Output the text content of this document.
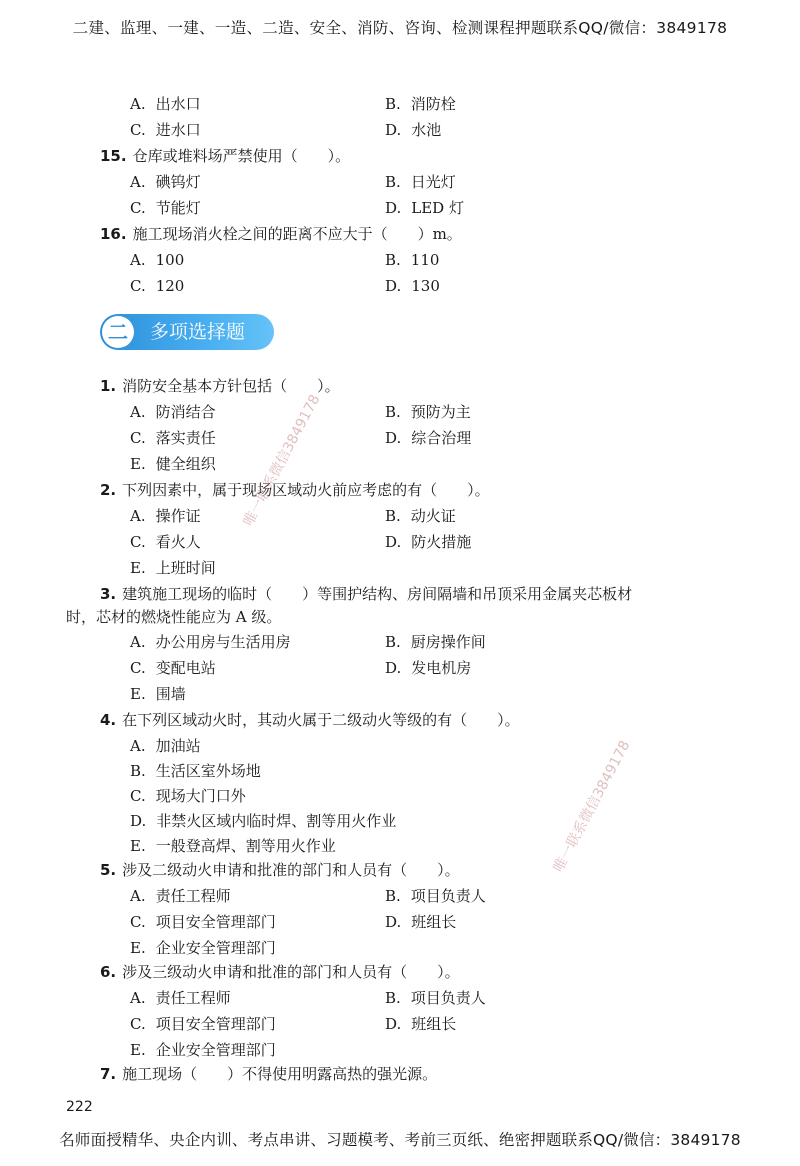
二建、监理、一建、一造、二造、安全、消防、咨询、检测课程押题联系QQ/微信：3849178
A. 出水口	B. 消防栓
C. 进水口	D. 水池
15. 仓库或堆料场严禁使用（　　）。
A. 碘钨灯	B. 日光灯
C. 节能灯	D. LED 灯
16. 施工现场消火栓之间的距离不应大于（　　）m。
A. 100	B. 110
C. 120	D. 130
二	多项选择题
1. 消防安全基本方针包括（　　）。
A. 防消结合	B. 预防为主
C. 落实责任	D. 综合治理
E. 健全组织
2. 下列因素中，属于现场区域动火前应考虑的有（　　）。
A. 操作证	B. 动火证
C. 看火人	D. 防火措施
E. 上班时间
3. 建筑施工现场的临时（　　）等围护结构、房间隔墙和吊顶采用金属夹芯板材
时，芯材的燃烧性能应为 A 级。
A. 办公用房与生活用房	B. 厨房操作间
C. 变配电站	D. 发电机房
E. 围墙
4. 在下列区域动火时，其动火属于二级动火等级的有（　　）。
A. 加油站
B. 生活区室外场地
C. 现场大门口外
D. 非禁火区域内临时焊、割等用火作业
E. 一般登高焊、割等用火作业
5. 涉及二级动火申请和批准的部门和人员有（　　）。
A. 责任工程师	B. 项目负责人
C. 项目安全管理部门	D. 班组长
E. 企业安全管理部门
6. 涉及三级动火申请和批准的部门和人员有（　　）。
A. 责任工程师	B. 项目负责人
C. 项目安全管理部门	D. 班组长
E. 企业安全管理部门
7. 施工现场（　　）不得使用明露高热的强光源。
唯一联系微信3849178
唯一联系微信3849178
222
名师面授精华、央企内训、考点串讲、习题模考、考前三页纸、绝密押题联系QQ/微信：3849178
